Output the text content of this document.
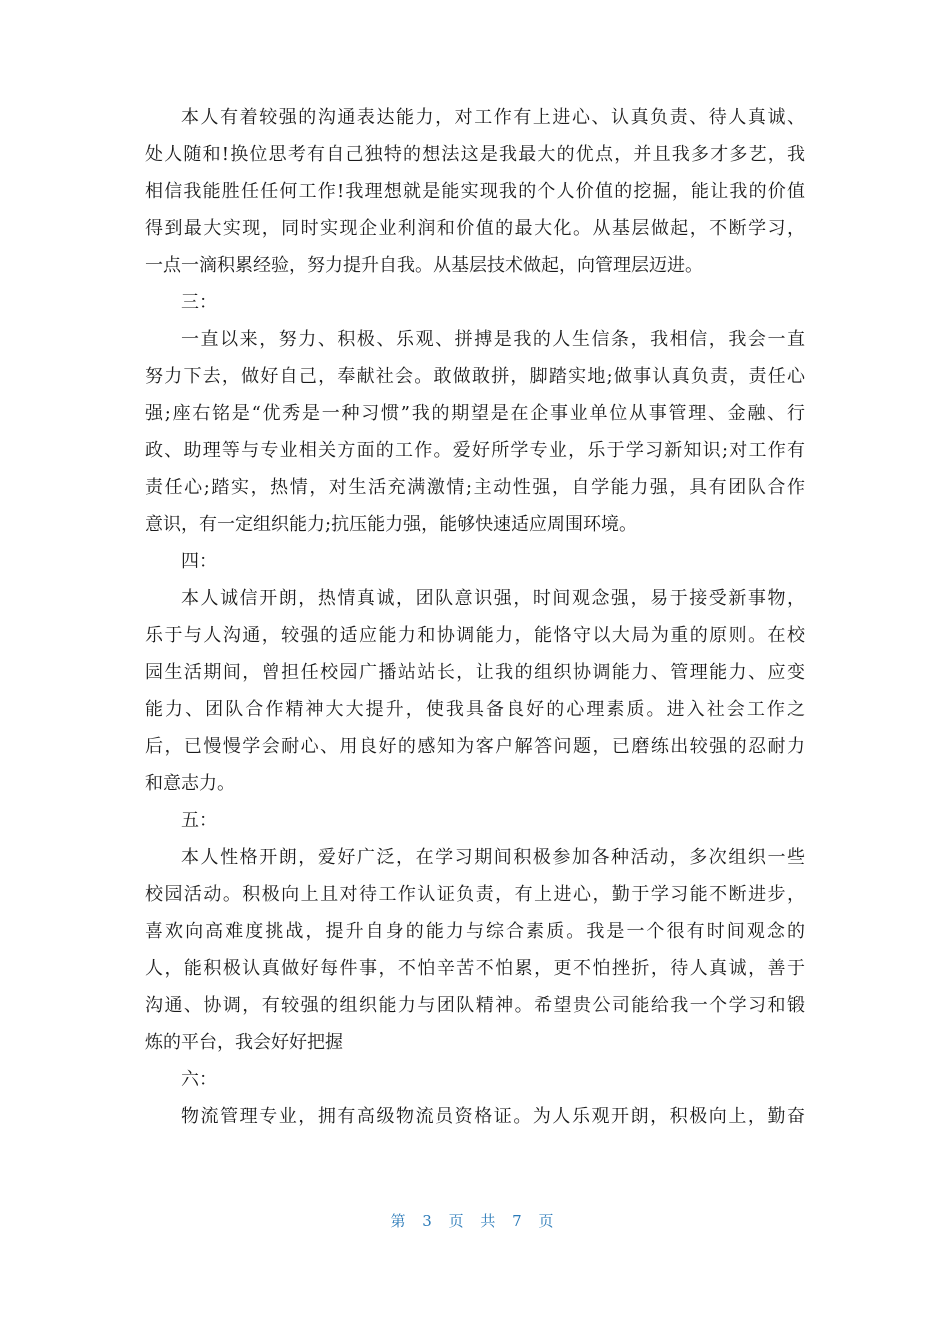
本人有着较强的沟通表达能力，对工作有上进心、认真负责、待人真诚、
处人随和!换位思考有自己独特的想法这是我最大的优点，并且我多才多艺，我
相信我能胜任任何工作!我理想就是能实现我的个人价值的挖掘，能让我的价值
得到最大实现，同时实现企业利润和价值的最大化。从基层做起，不断学习，
一点一滴积累经验，努力提升自我。从基层技术做起，向管理层迈进。
三：
一直以来，努力、积极、乐观、拼搏是我的人生信条，我相信，我会一直
努力下去，做好自己，奉献社会。敢做敢拼，脚踏实地;做事认真负责，责任心
强;座右铭是“优秀是一种习惯”我的期望是在企事业单位从事管理、金融、行
政、助理等与专业相关方面的工作。爱好所学专业，乐于学习新知识;对工作有
责任心;踏实，热情，对生活充满激情;主动性强，自学能力强，具有团队合作
意识，有一定组织能力;抗压能力强，能够快速适应周围环境。
四：
本人诚信开朗，热情真诚，团队意识强，时间观念强，易于接受新事物，
乐于与人沟通，较强的适应能力和协调能力，能恪守以大局为重的原则。在校
园生活期间，曾担任校园广播站站长，让我的组织协调能力、管理能力、应变
能力、团队合作精神大大提升，使我具备良好的心理素质。进入社会工作之
后，已慢慢学会耐心、用良好的感知为客户解答问题，已磨练出较强的忍耐力
和意志力。
五：
本人性格开朗，爱好广泛，在学习期间积极参加各种活动，多次组织一些
校园活动。积极向上且对待工作认证负责，有上进心，勤于学习能不断进步，
喜欢向高难度挑战，提升自身的能力与综合素质。我是一个很有时间观念的
人，能积极认真做好每件事，不怕辛苦不怕累，更不怕挫折，待人真诚，善于
沟通、协调，有较强的组织能力与团队精神。希望贵公司能给我一个学习和锻
炼的平台，我会好好把握
六：
物流管理专业，拥有高级物流员资格证。为人乐观开朗，积极向上，勤奋
第 3 页 共 7 页
